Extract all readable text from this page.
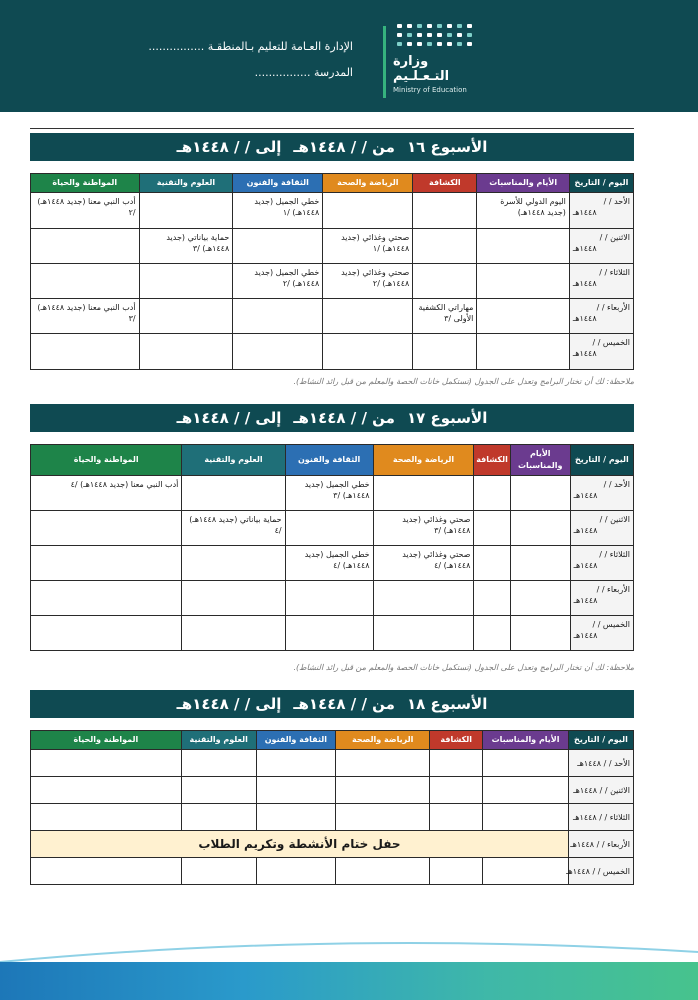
الإدارة العـامة للتعليم بـالمنطقـة ................
المدرسة ................
وزارة التـعـلـيم
Ministry of Education
الأسبوع ١٦
من / / ١٤٤٨هـ
إلى / / ١٤٤٨هـ
اليوم / التاريخ	الأيام والمناسبات	الكشافة	الرياضة والصحة	الثقافة والفنون	العلوم والتقنية	المواطنة والحياة

الأحد / /
١٤٤٨هـ	اليوم الدولي للأسرة (جديد ١٤٤٨هـ)			خطي الجميل (جديد ١٤٤٨هـ) /١		أدب النبي معنا (جديد ١٤٤٨هـ) /٢

الاثنين / /
١٤٤٨هـ			صحتي وغذائي (جديد ١٤٤٨هـ) /١		حماية بياناتي (جديد ١٤٤٨هـ) /٣	

الثلاثاء / /
١٤٤٨هـ			صحتي وغذائي (جديد ١٤٤٨هـ) /٢	خطي الجميل (جديد ١٤٤٨هـ) /٢		

الأربعاء / /
١٤٤٨هـ		مهاراتي الكشفية الأولى /٣				أدب النبي معنا (جديد ١٤٤٨هـ) /٣

الخميس / /
١٤٤٨هـ						

ملاحظة: لك أن تختار البرامج وتعدل على الجدول (تستكمل خانات الحصة والمعلم من قبل رائد النشاط).
الأسبوع ١٧
من / / ١٤٤٨هـ
إلى / / ١٤٤٨هـ
اليوم / التاريخ	الأيام والمناسبات	الكشافة	الرياضة والصحة	الثقافة والفنون	العلوم والتقنية	المواطنة والحياة

الأحد / /
١٤٤٨هـ				خطي الجميل (جديد ١٤٤٨هـ) /٣		أدب النبي معنا (جديد ١٤٤٨هـ) /٤

الاثنين / /
١٤٤٨هـ			صحتي وغذائي (جديد ١٤٤٨هـ) /٣		حماية بياناتي (جديد ١٤٤٨هـ) /٤	

الثلاثاء / /
١٤٤٨هـ			صحتي وغذائي (جديد ١٤٤٨هـ) /٤	خطي الجميل (جديد ١٤٤٨هـ) /٤		

الأربعاء / /
١٤٤٨هـ						

الخميس / /
١٤٤٨هـ						

ملاحظة: لك أن تختار البرامج وتعدل على الجدول (تستكمل خانات الحصة والمعلم من قبل رائد النشاط).
الأسبوع ١٨
من / / ١٤٤٨هـ
إلى / / ١٤٤٨هـ
اليوم / التاريخ	الأيام والمناسبات	الكشافة	الرياضة والصحة	الثقافة والفنون	العلوم والتقنية	المواطنة والحياة

الأحد / / ١٤٤٨هـ						

الاثنين / / ١٤٤٨هـ						

الثلاثاء / / ١٤٤٨هـ						

الأربعاء / / ١٤٤٨هـ	حفل ختام الأنشطة وتكريم الطلاب					

الخميس / / ١٤٤٨هـ						
